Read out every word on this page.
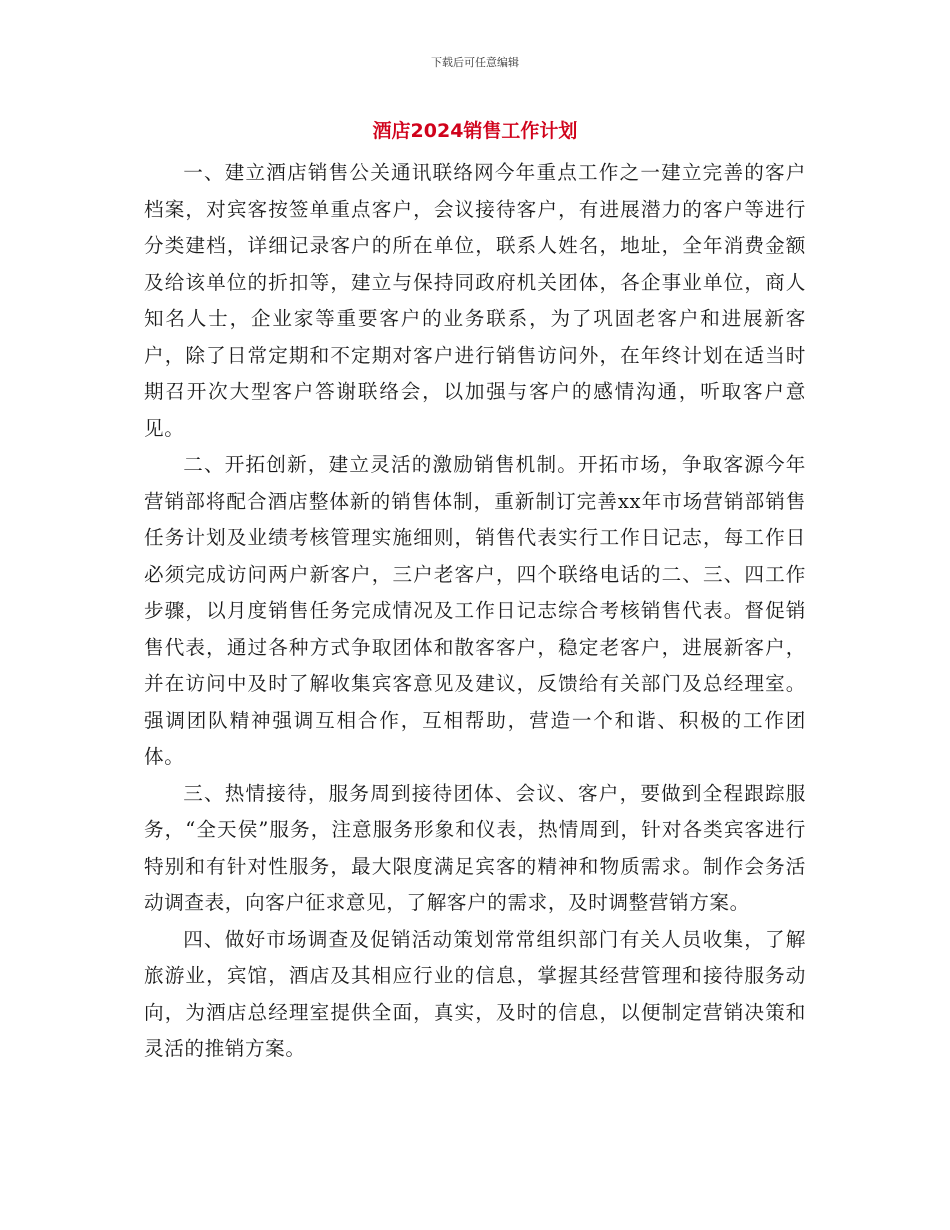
下载后可任意编辑
酒店2024销售工作计划

一、建立酒店销售公关通讯联络网今年重点工作之一建立完善的客户档案，对宾客按签单重点客户，会议接待客户，有进展潜力的客户等进行分类建档，详细记录客户的所在单位，联系人姓名，地址，全年消费金额及给该单位的折扣等，建立与保持同政府机关团体，各企事业单位，商人知名人士，企业家等重要客户的业务联系，为了巩固老客户和进展新客户，除了日常定期和不定期对客户进行销售访问外，在年终计划在适当时期召开次大型客户答谢联络会，以加强与客户的感情沟通，听取客户意见。

二、开拓创新，建立灵活的激励销售机制。开拓市场，争取客源今年营销部将配合酒店整体新的销售体制，重新制订完善xx年市场营销部销售任务计划及业绩考核管理实施细则，销售代表实行工作日记志，每工作日必须完成访问两户新客户，三户老客户，四个联络电话的二、三、四工作步骤，以月度销售任务完成情况及工作日记志综合考核销售代表。督促销售代表，通过各种方式争取团体和散客客户，稳定老客户，进展新客户，并在访问中及时了解收集宾客意见及建议，反馈给有关部门及总经理室。强调团队精神强调互相合作，互相帮助，营造一个和谐、积极的工作团体。

三、热情接待，服务周到接待团体、会议、客户，要做到全程跟踪服务，“全天侯”服务，注意服务形象和仪表，热情周到，针对各类宾客进行特别和有针对性服务，最大限度满足宾客的精神和物质需求。制作会务活动调查表，向客户征求意见，了解客户的需求，及时调整营销方案。

四、做好市场调查及促销活动策划常常组织部门有关人员收集，了解旅游业，宾馆，酒店及其相应行业的信息，掌握其经营管理和接待服务动向，为酒店总经理室提供全面，真实，及时的信息，以便制定营销决策和灵活的推销方案。
